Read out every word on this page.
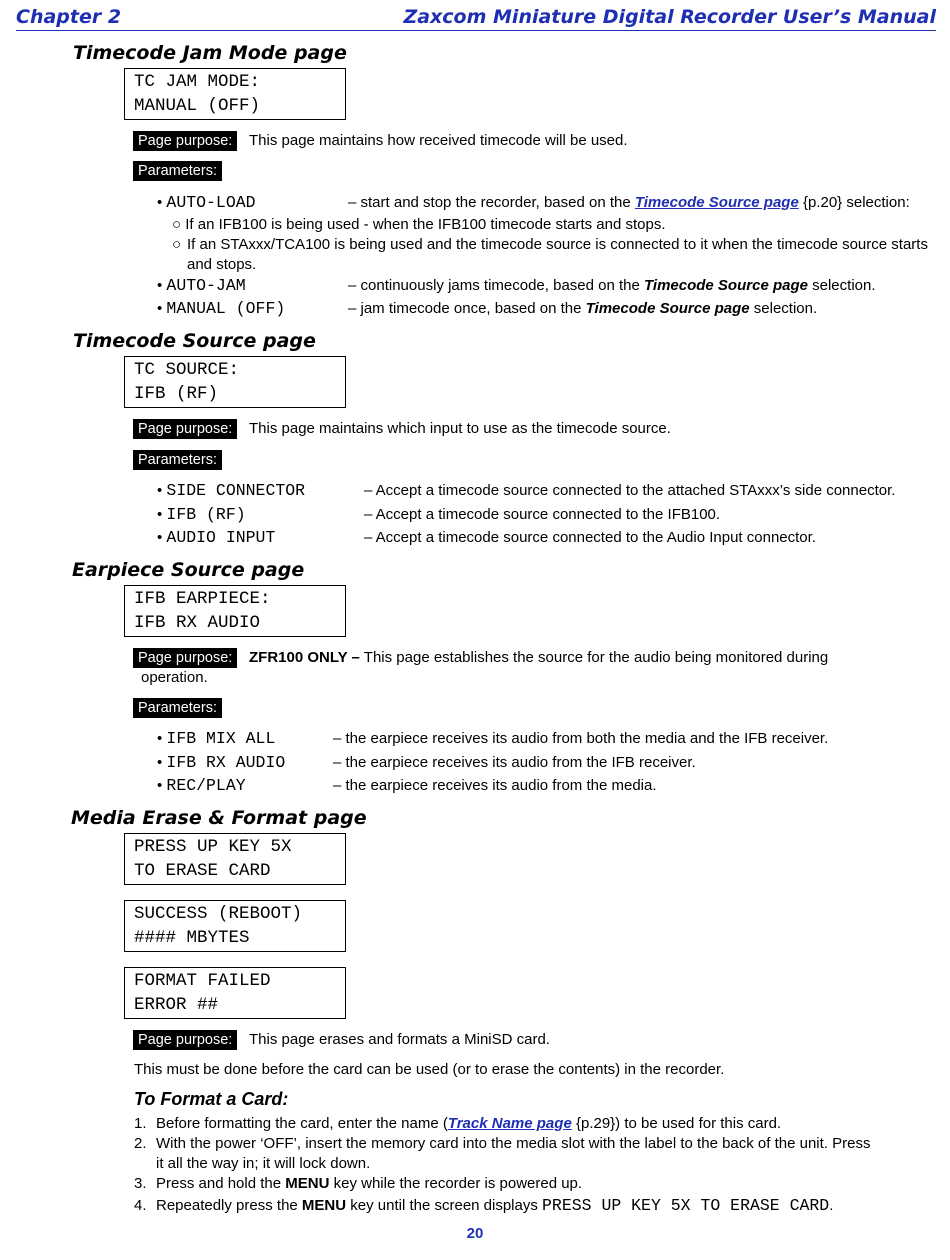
Chapter 2	Zaxcom Miniature Digital Recorder User’s Manual
Timecode Jam Mode page
TC JAM MODE:
MANUAL (OFF)
Page purpose:	This page maintains how received timecode will be used.
Parameters:
• AUTO-LOAD	– start and stop the recorder, based on the Timecode Source page {p.20} selection:
○ If an IFB100 is being used - when the IFB100 timecode starts and stops.
○ If an STAxxx/TCA100 is being used and the timecode source is connected to it when the timecode source starts and stops.
• AUTO-JAM	– continuously jams timecode, based on the Timecode Source page selection.
• MANUAL (OFF)	– jam timecode once, based on the Timecode Source page selection.
Timecode Source page
TC SOURCE:
IFB (RF)
Page purpose:	This page maintains which input to use as the timecode source.
Parameters:
• SIDE CONNECTOR	– Accept a timecode source connected to the attached STAxxx’s side connector.
• IFB (RF)	– Accept a timecode source connected to the IFB100.
• AUDIO INPUT	– Accept a timecode source connected to the Audio Input connector.
Earpiece Source page
IFB EARPIECE:
IFB RX AUDIO
Page purpose:	ZFR100 ONLY – This page establishes the source for the audio being monitored during
operation.
Parameters:
• IFB MIX ALL	– the earpiece receives its audio from both the media and the IFB receiver.
• IFB RX AUDIO	– the earpiece receives its audio from the IFB receiver.
• REC/PLAY	– the earpiece receives its audio from the media.
Media Erase & Format page
PRESS UP KEY 5X
TO ERASE CARD
SUCCESS (REBOOT)
#### MBYTES
FORMAT FAILED
ERROR ##
Page purpose:	This page erases and formats a MiniSD card.
This must be done before the card can be used (or to erase the contents) in the recorder.
To Format a Card:
1. Before formatting the card, enter the name (Track Name page {p.29}) to be used for this card.
2. With the power ‘OFF’, insert the memory card into the media slot with the label to the back of the unit. Press
it all the way in; it will lock down.
3. Press and hold the MENU key while the recorder is powered up.
4. Repeatedly press the MENU key until the screen displays PRESS UP KEY 5X TO ERASE CARD.
20
